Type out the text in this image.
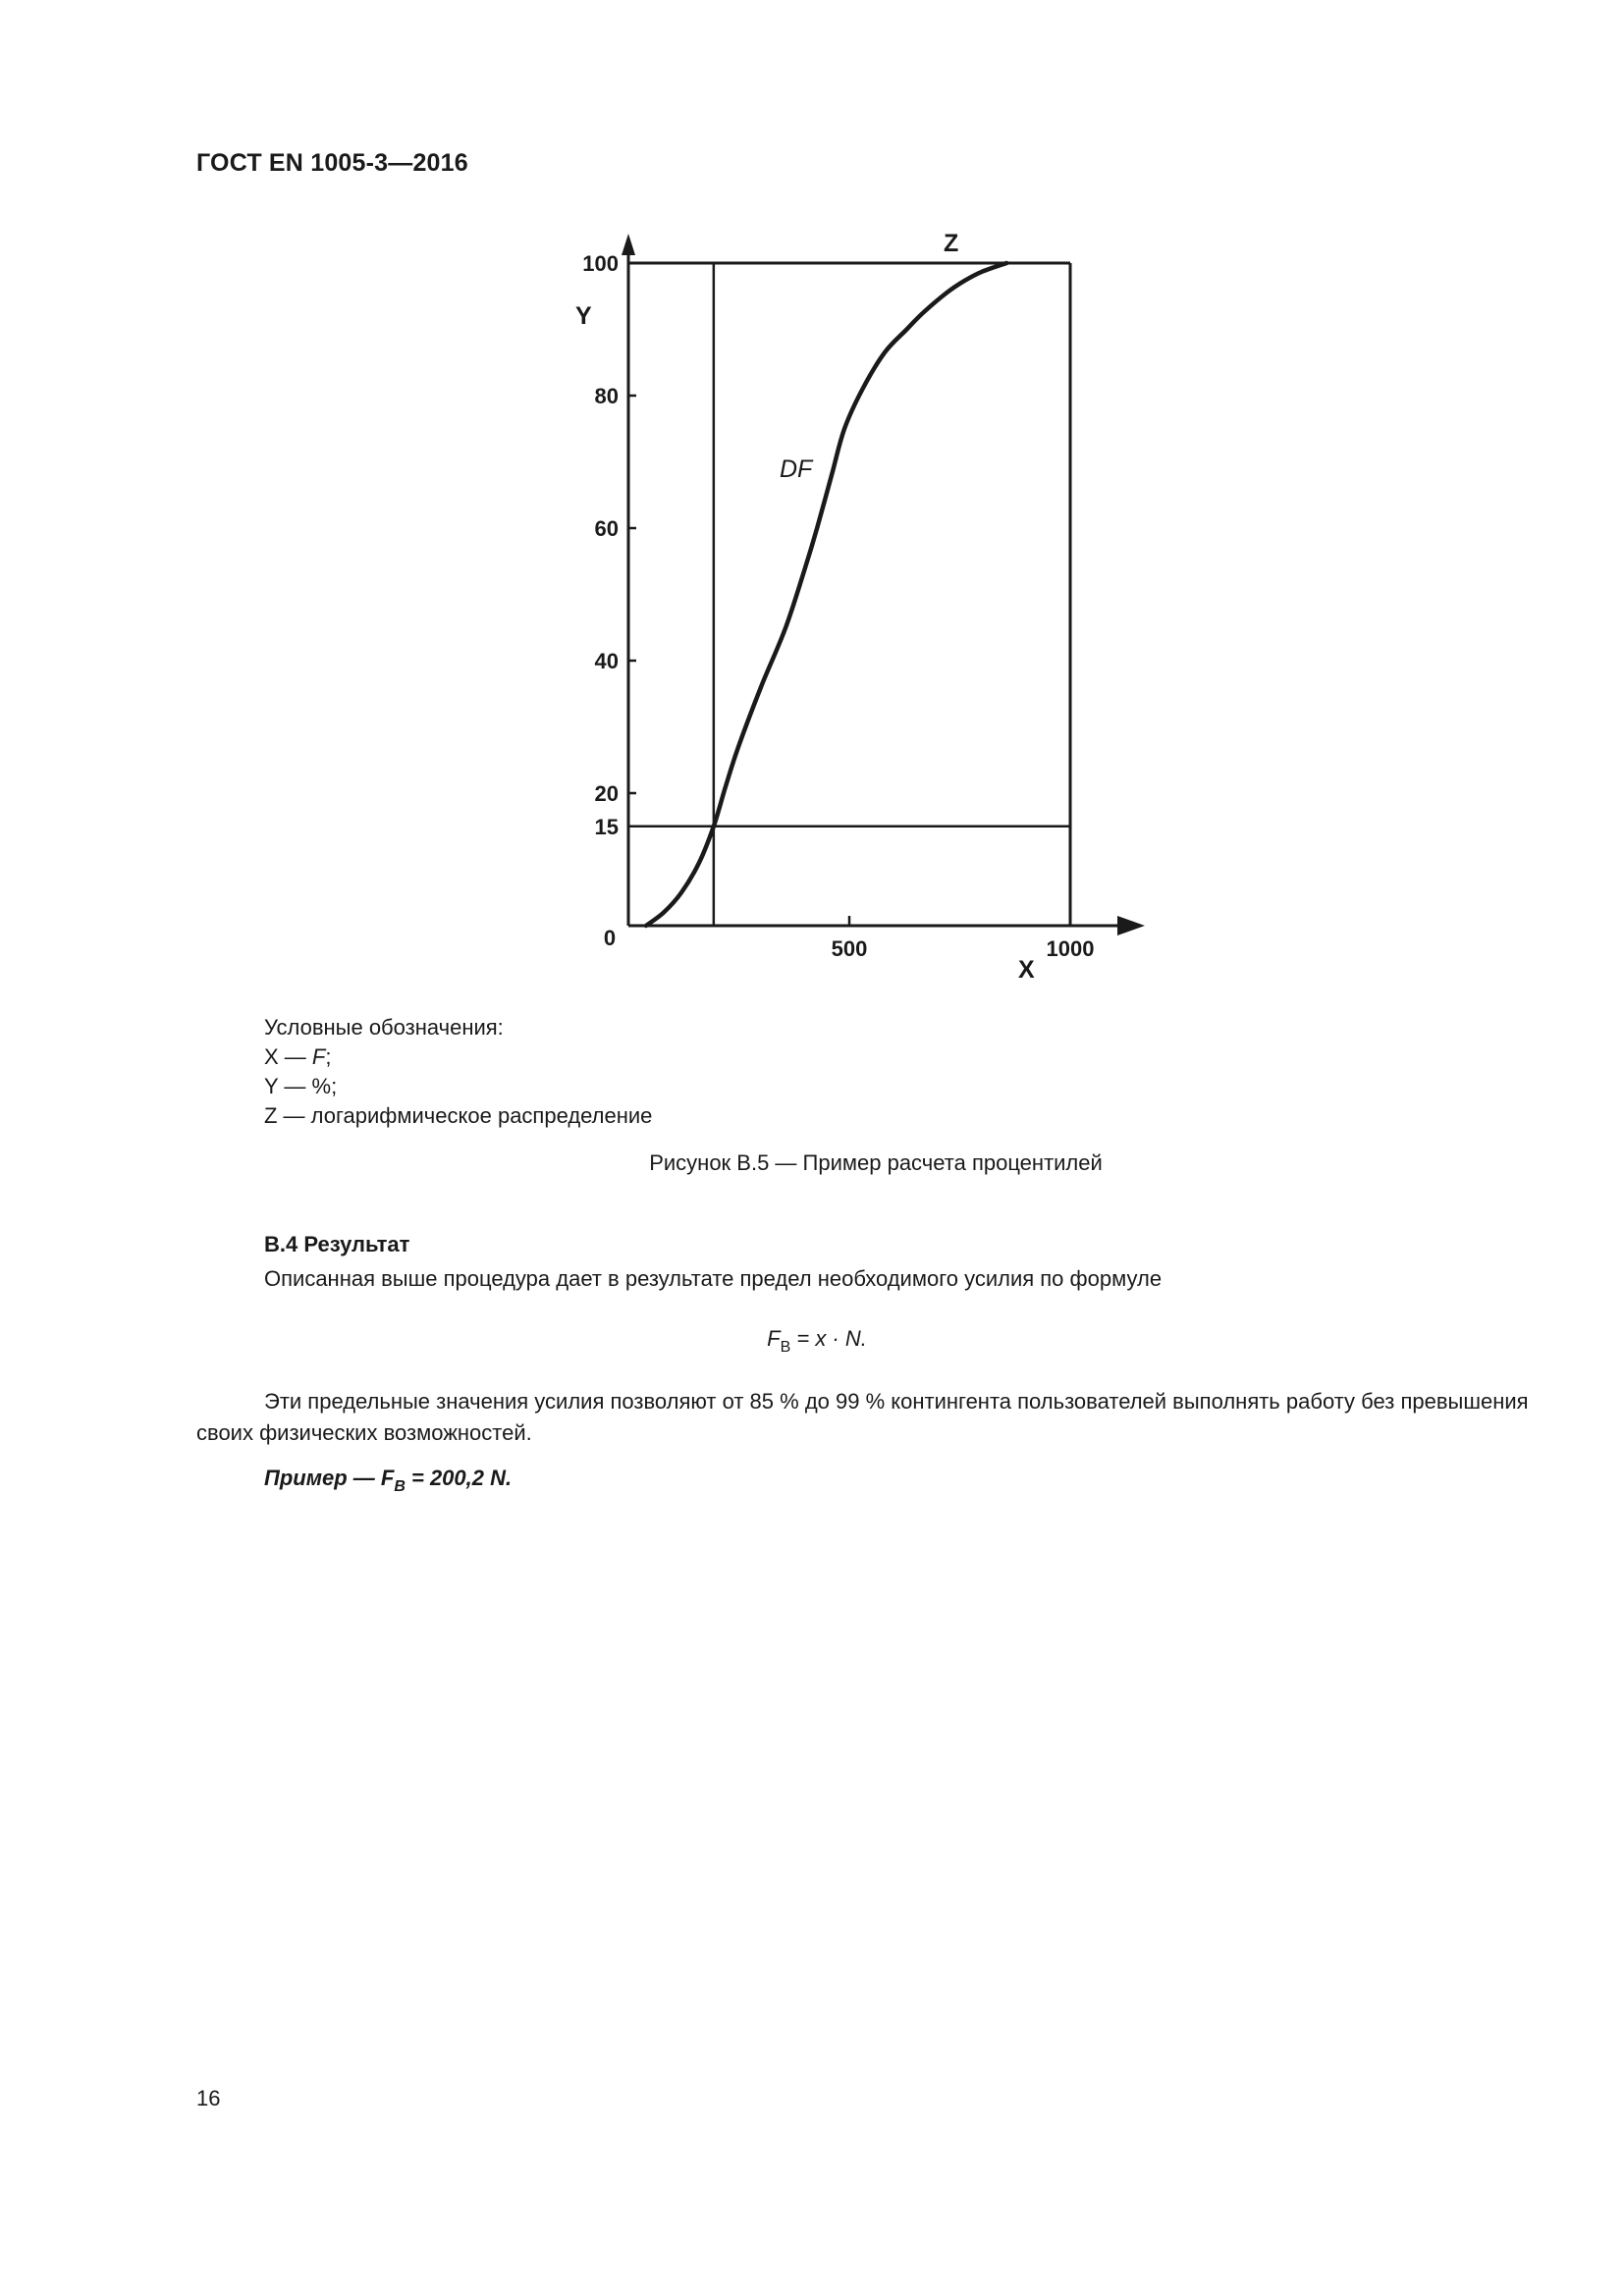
ГОСТ EN 1005-3—2016
20
40
60
80
100
15
0	500	1000
X
Y
Z
DF
Условные обозначения:
X — F;
Y — %;
Z — логарифмическое распределение
Рисунок B.5 — Пример расчета процентилей
B.4 Результат
Описанная выше процедура дает в результате предел необходимого усилия по формуле
$F_B = x \cdot N$.
Эти предельные значения усилия позволяют от 85 % до 99 % контингента пользователей выполнять работу без превышения своих физических возможностей.
Пример — $F_B = 200,2$ N.
16
